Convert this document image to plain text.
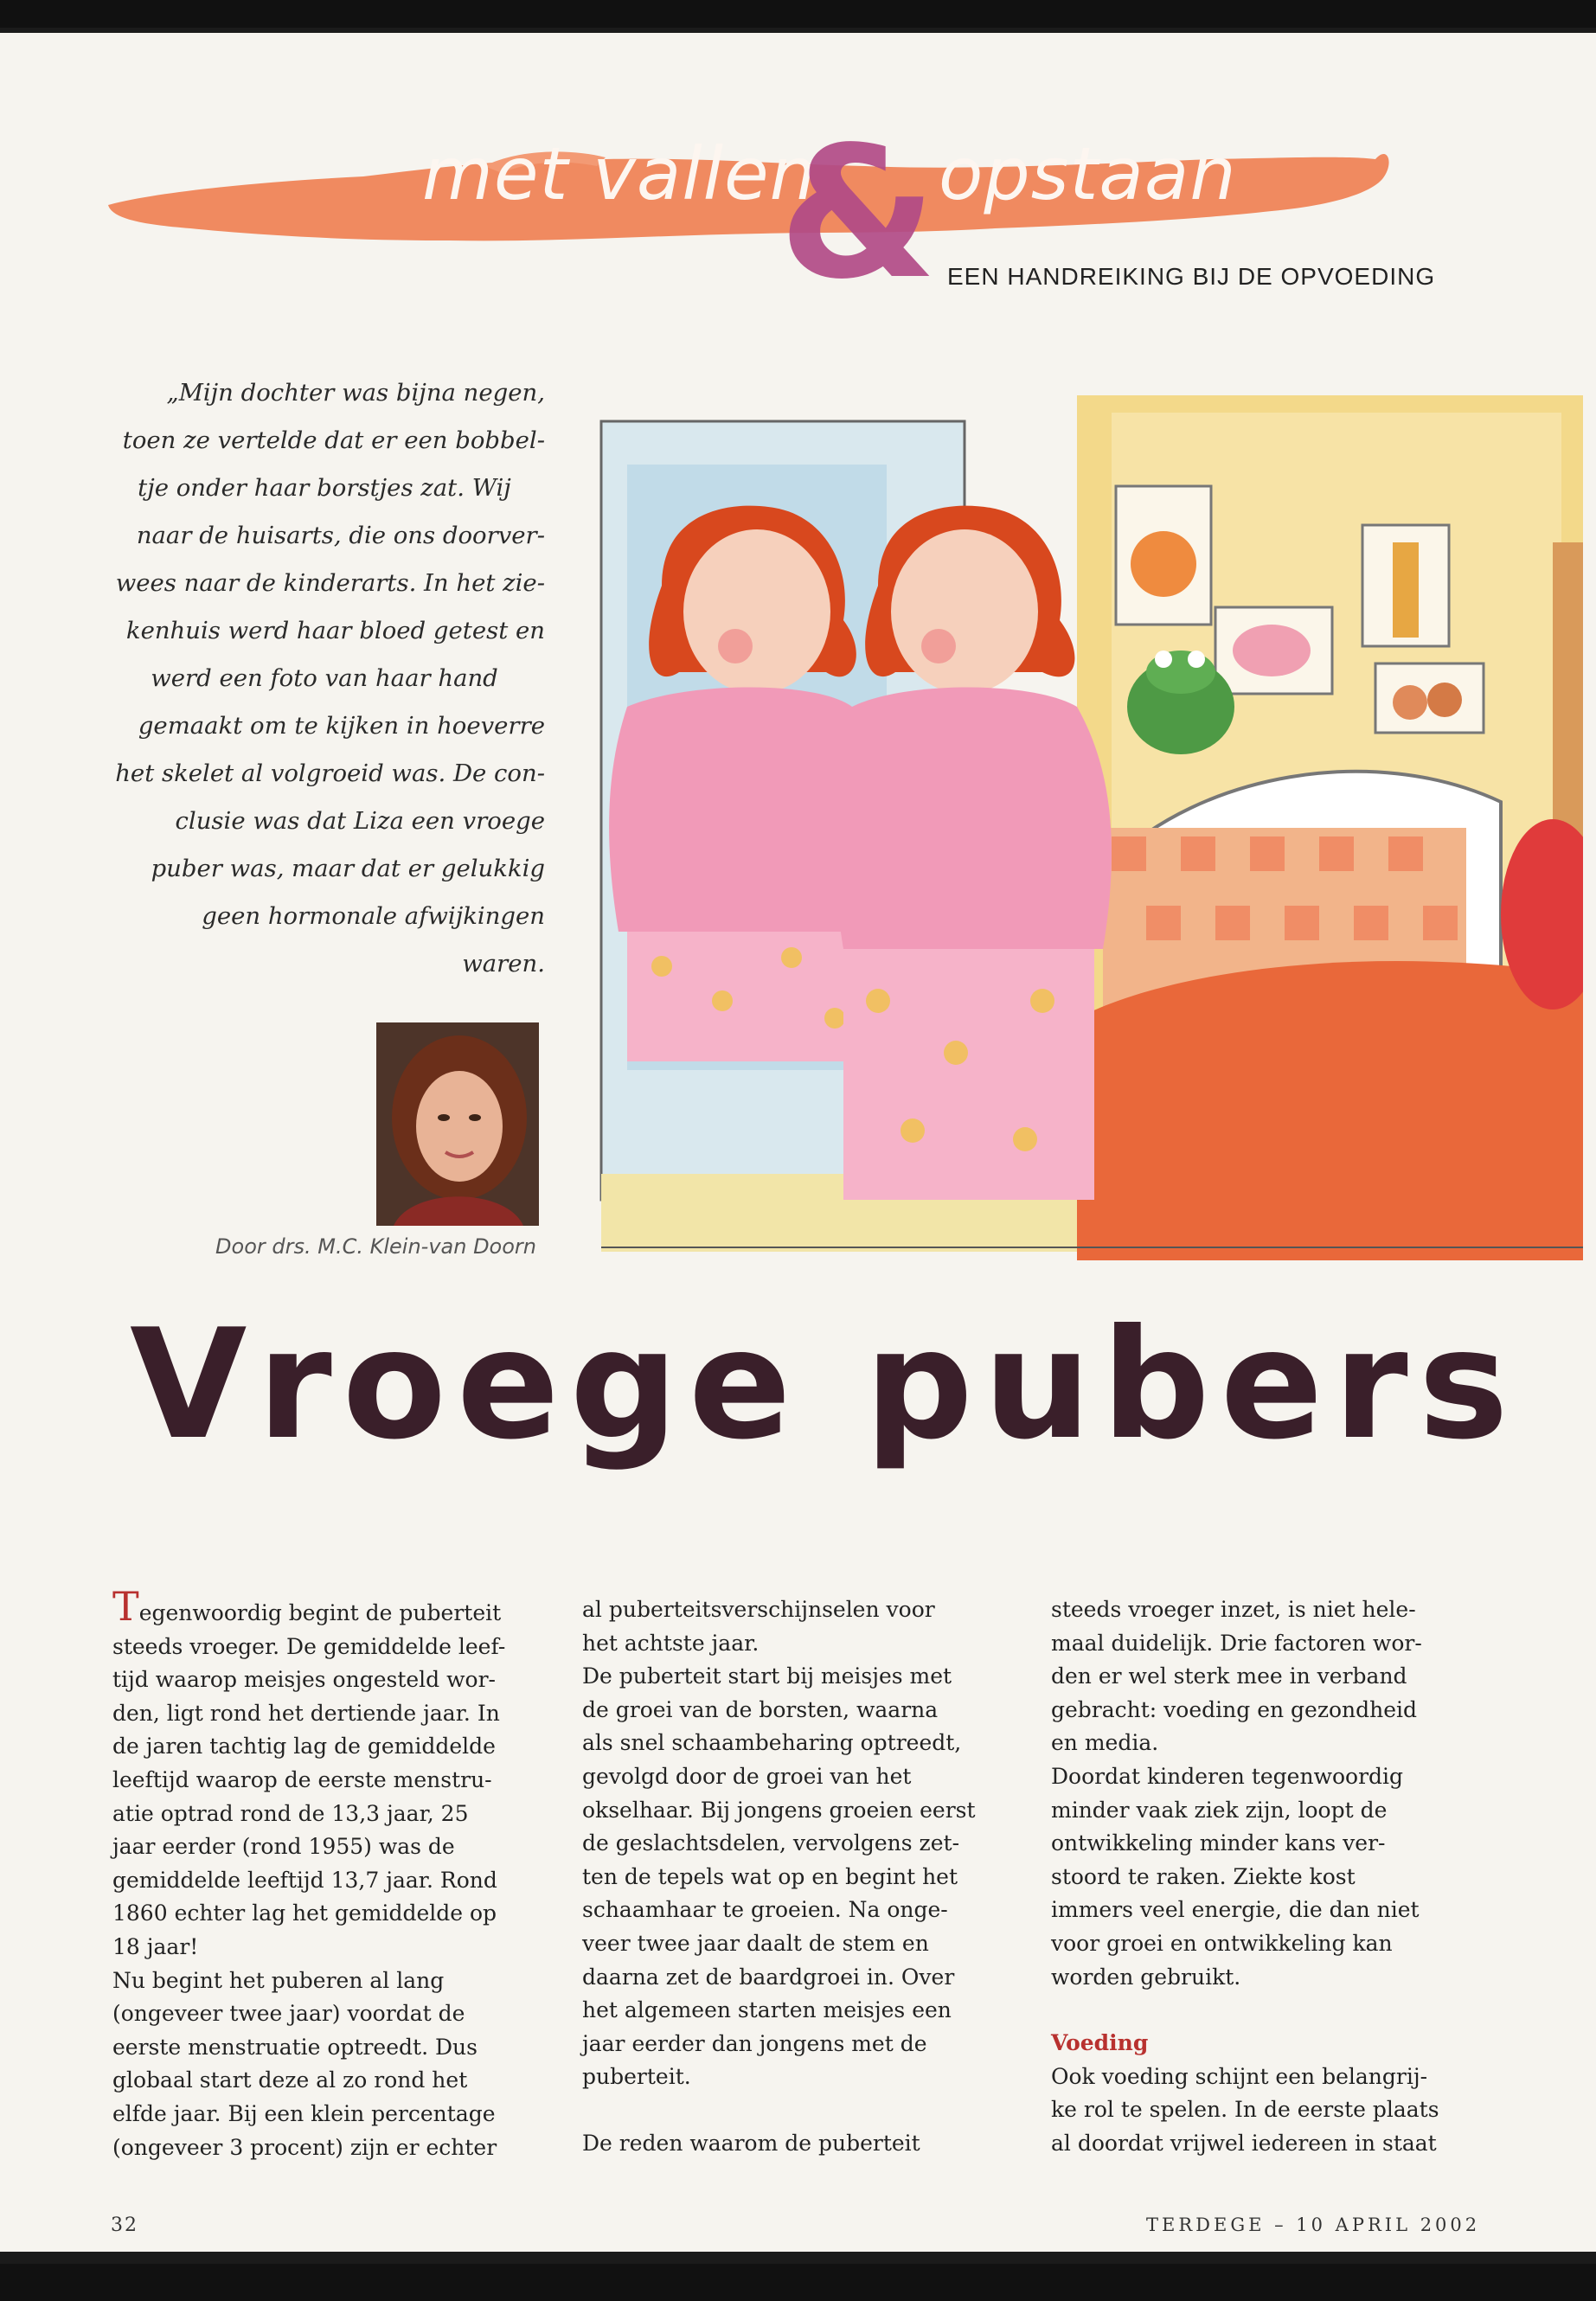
met vallen
& opstaan
EEN HANDREIKING BIJ DE OPVOEDING
„Mijn dochter was bijna negen,
toen ze vertelde dat er een bobbel-
tje onder haar borstjes zat. Wij
naar de huisarts, die ons doorver-
wees naar de kinderarts. In het zie-
kenhuis werd haar bloed getest en
werd een foto van haar hand
gemaakt om te kijken in hoeverre
het skelet al volgroeid was. De con-
clusie was dat Liza een vroege
puber was, maar dat er gelukkig
geen hormonale afwijkingen
waren.
Door drs. M.C. Klein-van Doorn
Vroege pubers

Tegenwoordig begint de puberteit
steeds vroeger. De gemiddelde leef-
tijd waarop meisjes ongesteld wor-
den, ligt rond het dertiende jaar. In
de jaren tachtig lag de gemiddelde
leeftijd waarop de eerste menstru-
atie optrad rond de 13,3 jaar, 25
jaar eerder (rond 1955) was de
gemiddelde leeftijd 13,7 jaar. Rond
1860 echter lag het gemiddelde op
18 jaar!

Nu begint het puberen al lang
(ongeveer twee jaar) voordat de
eerste menstruatie optreedt. Dus
globaal start deze al zo rond het
elfde jaar. Bij een klein percentage
(ongeveer 3 procent) zijn er echter

al puberteitsverschijnselen voor
het achtste jaar.

De puberteit start bij meisjes met
de groei van de borsten, waarna
als snel schaambeharing optreedt,
gevolgd door de groei van het
okselhaar. Bij jongens groeien eerst
de geslachtsdelen, vervolgens zet-
ten de tepels wat op en begint het
schaamhaar te groeien. Na onge-
veer twee jaar daalt de stem en
daarna zet de baardgroei in. Over
het algemeen starten meisjes een
jaar eerder dan jongens met de
puberteit.

De reden waarom de puberteit

steeds vroeger inzet, is niet hele-
maal duidelijk. Drie factoren wor-
den er wel sterk mee in verband
gebracht: voeding en gezondheid
en media.

Doordat kinderen tegenwoordig
minder vaak ziek zijn, loopt de
ontwikkeling minder kans ver-
stoord te raken. Ziekte kost
immers veel energie, die dan niet
voor groei en ontwikkeling kan
worden gebruikt.

Voeding
Ook voeding schijnt een belangrij-
ke rol te spelen. In de eerste plaats
al doordat vrijwel iedereen in staat

32	TERDEGE – 10 APRIL 2002
